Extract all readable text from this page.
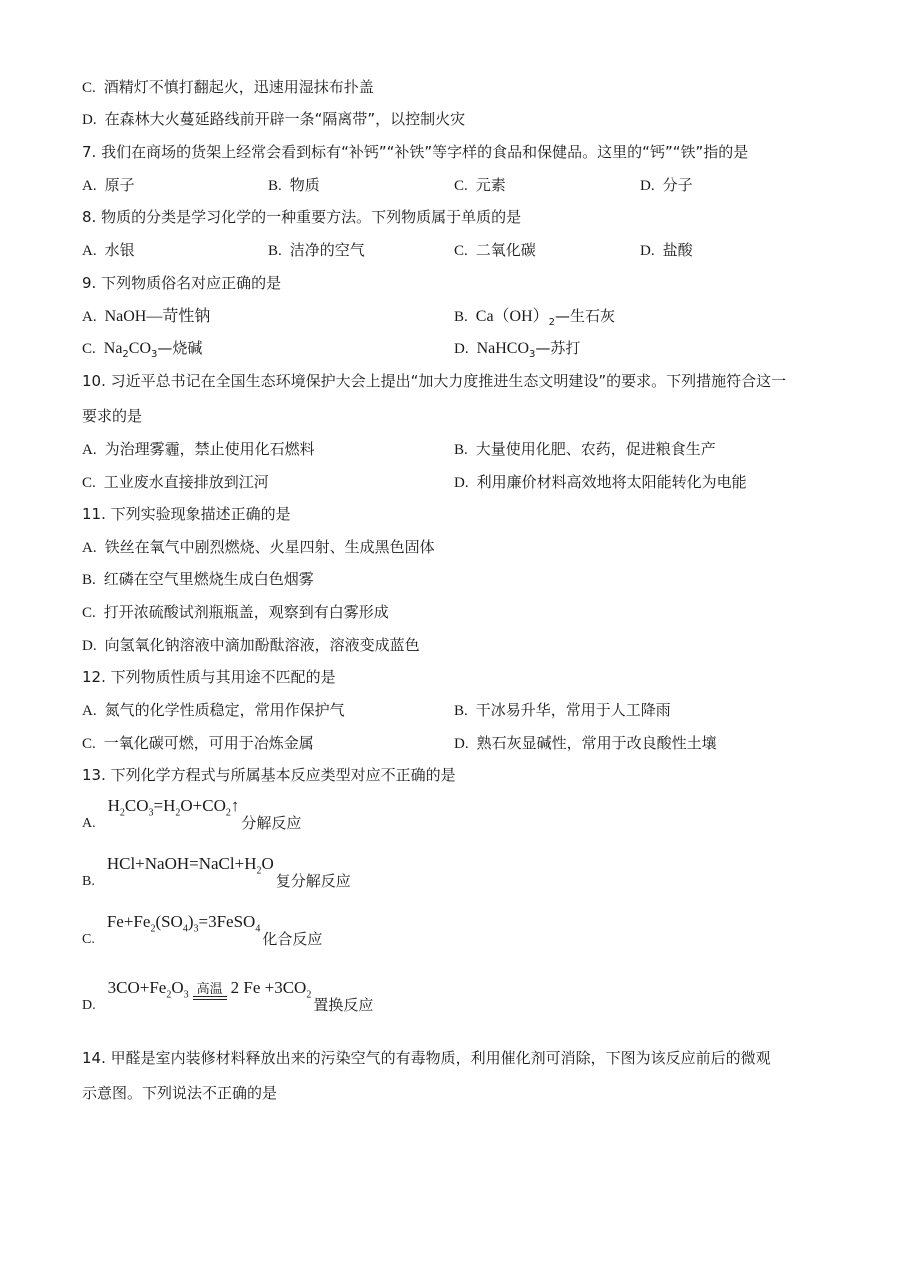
C. 酒精灯不慎打翻起火，迅速用湿抹布扑盖
D. 在森林大火蔓延路线前开辟一条“隔离带”，以控制火灾
7. 我们在商场的货架上经常会看到标有“补钙”“补铁”等字样的食品和保健品。这里的“钙”“铁”指的是
A. 原子	B. 物质	C. 元素	D. 分子
8. 物质的分类是学习化学的一种重要方法。下列物质属于单质的是
A. 水银	B. 洁净的空气	C. 二氧化碳	D. 盐酸
9. 下列物质俗名对应正确的是
A. NaOH—苛性钠	B. $Ca(OH)_2—$生石灰
C. $Na_2CO_3—$烧碱	D. NaHCO$_3$—苏打
10. 习近平总书记在全国生态环境保护大会上提出“加大力度推进生态文明建设”的要求。下列措施符合这一
要求的是
A. 为治理雾霾，禁止使用化石燃料	B. 大量使用化肥、农药，促进粮食生产
C. 工业废水直接排放到江河	D. 利用廉价材料高效地将太阳能转化为电能
11. 下列实验现象描述正确的是
A. 铁丝在氧气中剧烈燃烧、火星四射、生成黑色固体
B. 红磷在空气里燃烧生成白色烟雾
C. 打开浓硫酸试剂瓶瓶盖，观察到有白雾形成
D. 向氢氧化钠溶液中滴加酚酞溶液，溶液变成蓝色
12. 下列物质性质与其用途不匹配的是
A. 氮气的化学性质稳定，常用作保护气	B. 干冰易升华，常用于人工降雨
C. 一氧化碳可燃，可用于冶炼金属	D. 熟石灰显碱性，常用于改良酸性土壤
13. 下列化学方程式与所属基本反应类型对应不正确的是
A.
$H_2CO_3=H_2O+CO_2↑$
分解反应
B.
$HCl+NaOH=NaCl+H_2O$
复分解反应
C.
$Fe+Fe_2(SO_4)_3=3FeSO_4$
化合反应
D.
$3CO+Fe_2O_3$ 高温 2 $Fe +3CO_2$
置换反应
14. 甲醛是室内装修材料释放出来的污染空气的有毒物质，利用催化剂可消除，下图为该反应前后的微观
示意图。下列说法不正确的是
